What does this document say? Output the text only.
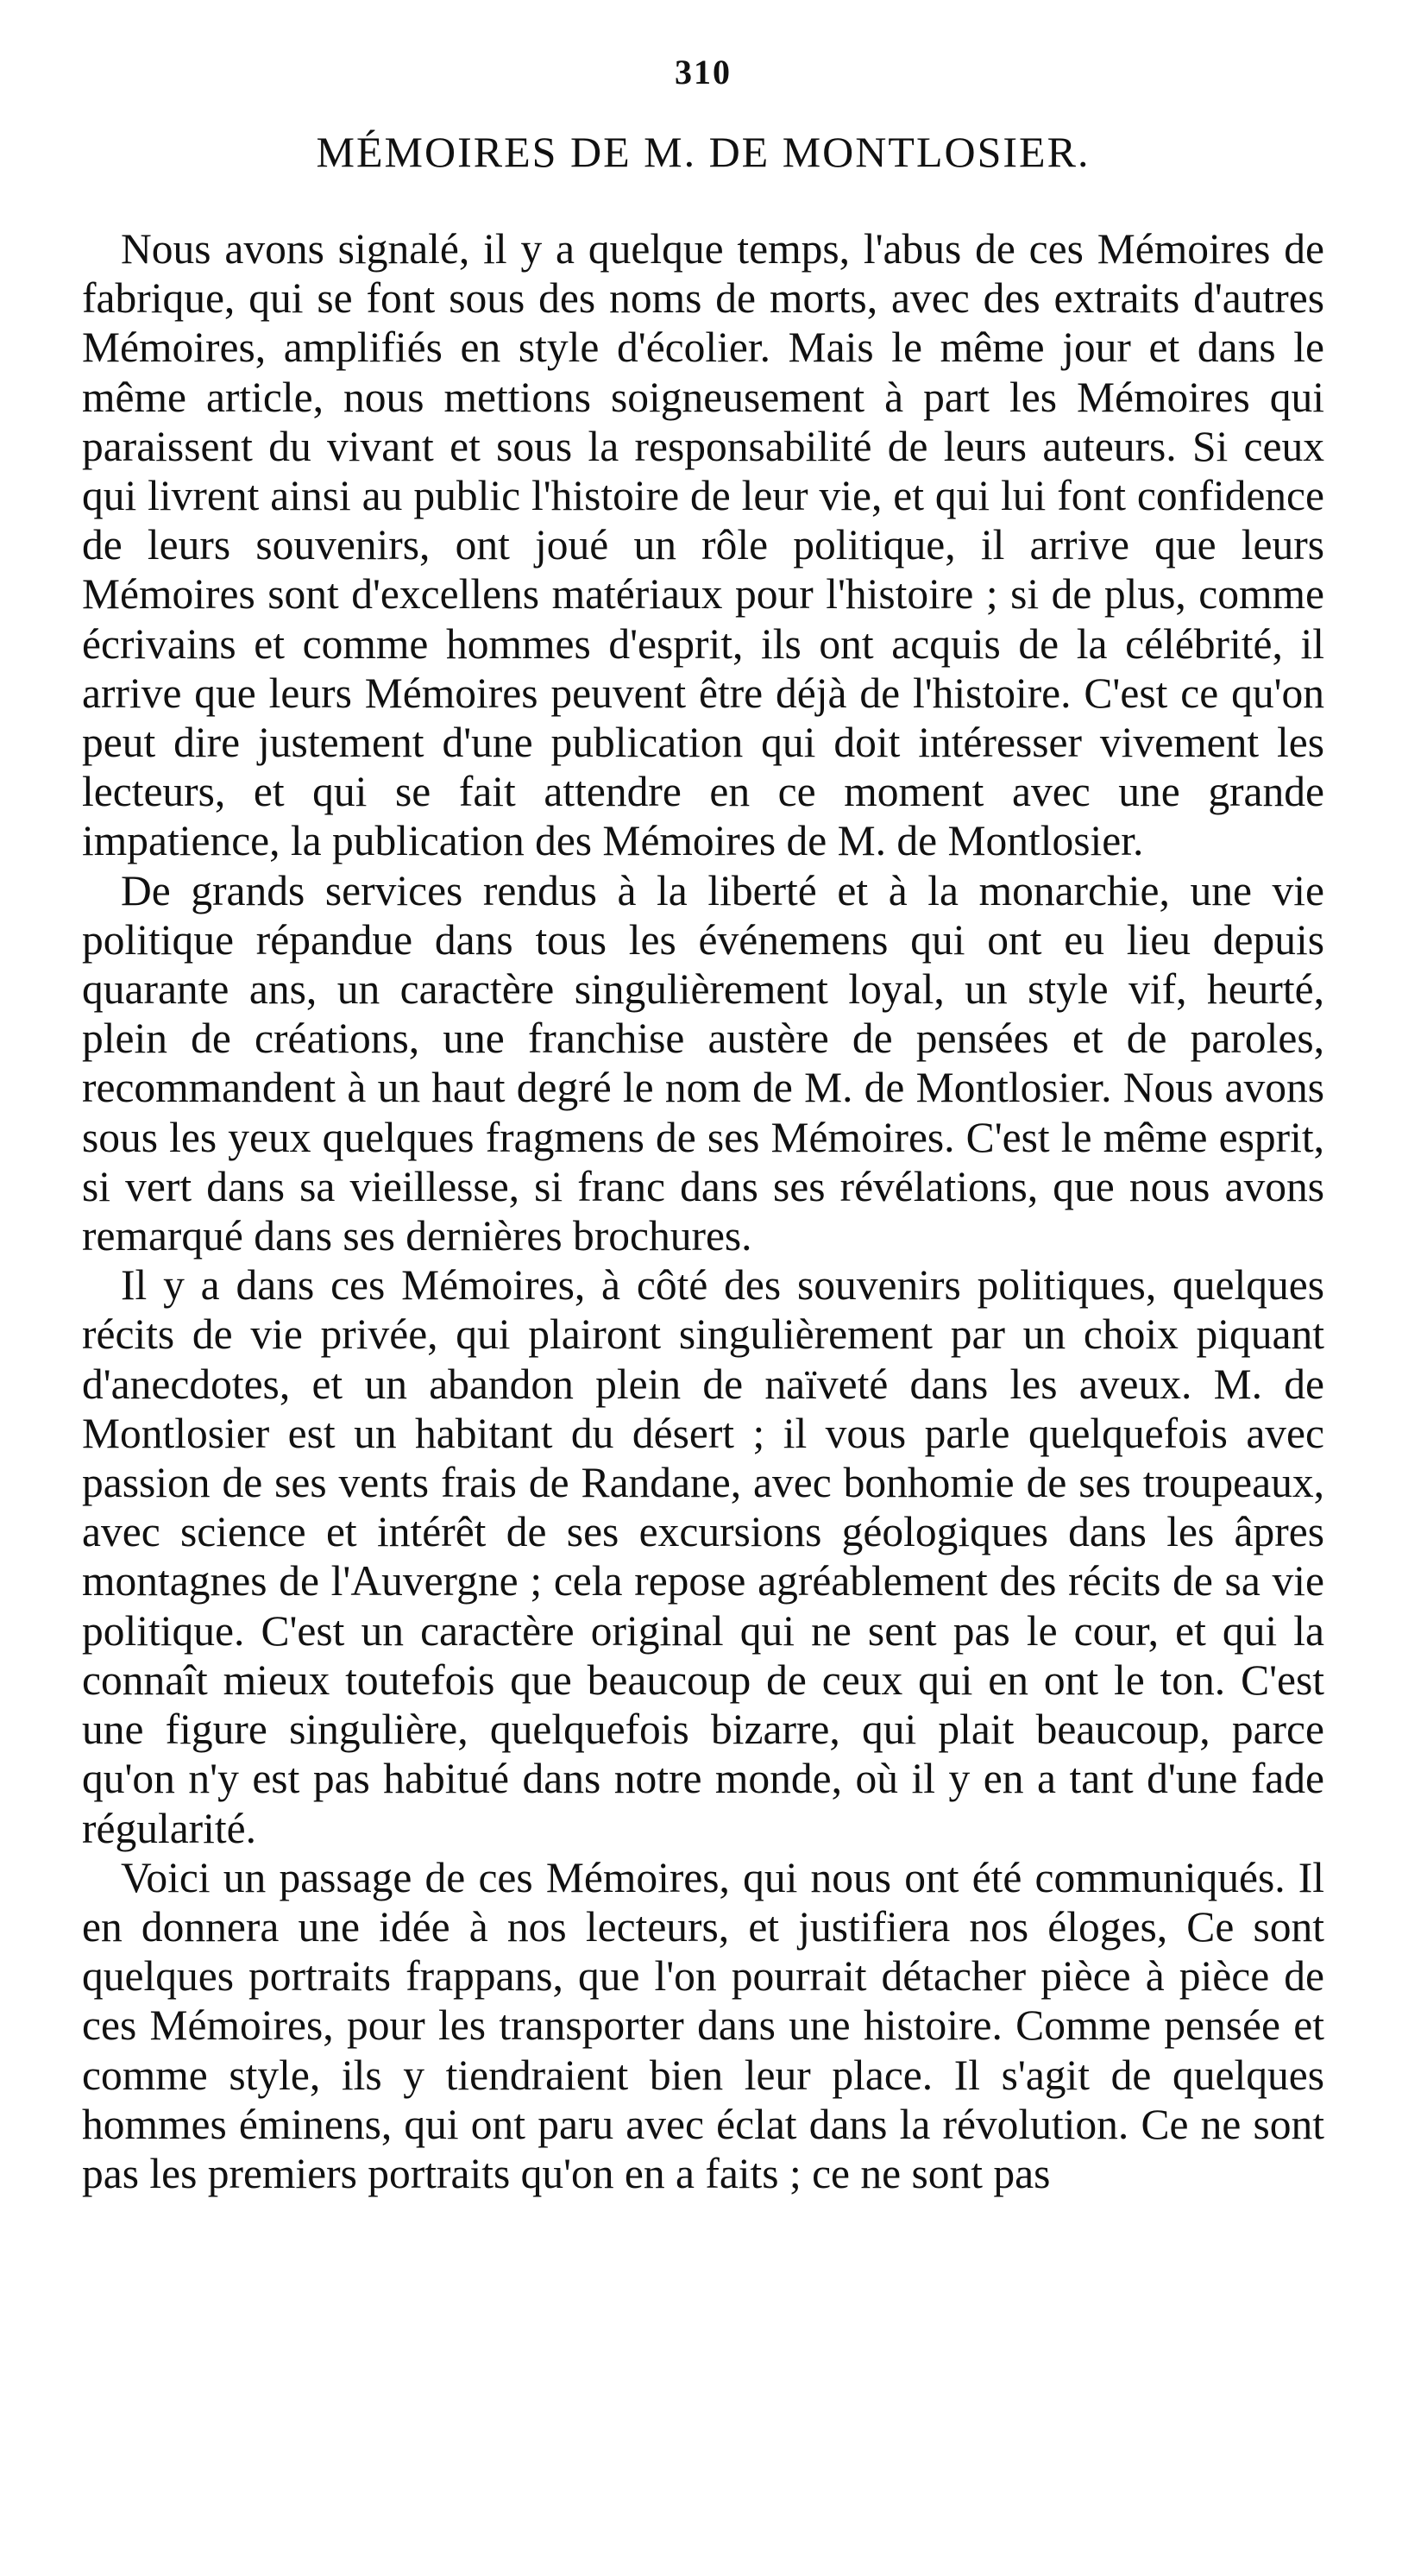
310
MÉMOIRES DE M. DE MONTLOSIER.

Nous avons signalé, il y a quelque temps, l'abus de ces Mémoires de fabrique, qui se font sous des noms de morts, avec des extraits d'autres Mémoires, amplifiés en style d'écolier. Mais le même jour et dans le même article, nous mettions soigneusement à part les Mémoires qui paraissent du vivant et sous la responsabilité de leurs auteurs. Si ceux qui livrent ainsi au public l'histoire de leur vie, et qui lui font confidence de leurs souvenirs, ont joué un rôle politique, il arrive que leurs Mémoires sont d'excellens matériaux pour l'histoire ; si de plus, comme écrivains et comme hommes d'esprit, ils ont acquis de la célébrité, il arrive que leurs Mémoires peuvent être déjà de l'histoire. C'est ce qu'on peut dire justement d'une publication qui doit intéresser vivement les lecteurs, et qui se fait attendre en ce moment avec une grande impatience, la publication des Mémoires de M. de Montlosier.

De grands services rendus à la liberté et à la monarchie, une vie politique répandue dans tous les événemens qui ont eu lieu depuis quarante ans, un caractère singulièrement loyal, un style vif, heurté, plein de créations, une franchise austère de pensées et de paroles, recommandent à un haut degré le nom de M. de Montlosier. Nous avons sous les yeux quelques fragmens de ses Mémoires. C'est le même esprit, si vert dans sa vieillesse, si franc dans ses révélations, que nous avons remarqué dans ses dernières brochures.

Il y a dans ces Mémoires, à côté des souvenirs politiques, quelques récits de vie privée, qui plairont singulièrement par un choix piquant d'anecdotes, et un abandon plein de naïveté dans les aveux. M. de Montlosier est un habitant du désert ; il vous parle quelquefois avec passion de ses vents frais de Randane, avec bonhomie de ses troupeaux, avec science et intérêt de ses excursions géologiques dans les âpres montagnes de l'Auvergne ; cela repose agréablement des récits de sa vie politique. C'est un caractère original qui ne sent pas le cour, et qui la connaît mieux toutefois que beaucoup de ceux qui en ont le ton. C'est une figure singulière, quelquefois bizarre, qui plait beaucoup, parce qu'on n'y est pas habitué dans notre monde, où il y en a tant d'une fade régularité.

Voici un passage de ces Mémoires, qui nous ont été communiqués. Il en donnera une idée à nos lecteurs, et justifiera nos éloges, Ce sont quelques portraits frappans, que l'on pourrait détacher pièce à pièce de ces Mémoires, pour les transporter dans une histoire. Comme pensée et comme style, ils y tiendraient bien leur place. Il s'agit de quelques hommes éminens, qui ont paru avec éclat dans la révolution. Ce ne sont pas les premiers portraits qu'on en a faits ; ce ne sont pas
